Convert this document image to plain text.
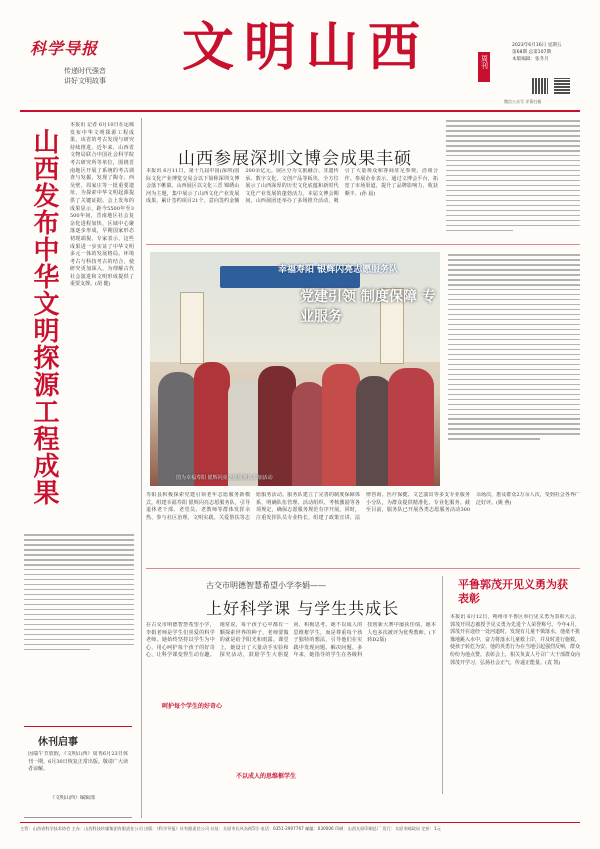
科学导报
传递时代强音
讲好文明故事
文明山西	周刊
2023年6月16日 星期五
第68期 总第107期
本版编辑：张冬月
微信公众号 详情扫描
山西发布中华文明探源工程成果
本报讯 记者 6月10日在运城发布中华文明探源工程成果，该省的考古发现与研究持续推进。近年来，山西省文物局联合中国社会科学院考古研究所等单位，围绕晋南地区开展了系统的考古调查与发掘，发现了陶寺、西吴壁、周家庄等一批重要遗址，为探索中华文明起源提供了关键证据。会上发布的成果显示，距今5500年至3500年间，晋南地区社会复杂化进程加快，区域中心聚落逐步形成，早期国家形态初现端倪。专家表示，这些成果进一步实证了中华文明多元一体的发展格局。环境考古与科技考古的结合，使研究更加深入，为理解古代社会演进和文明形成提供了重要支撑。(胡 健)
休刊启事
因端午节放假，《文明山西》周刊6月23日休刊一期，6月30日恢复正常出版。敬请广大读者谅解。
《文明山西》编辑部
山西参展深圳文博会成果丰硕
本报讯 6月11日，第十九届中国(深圳)国际文化产业博览交易会以下简称深圳文博会落下帷幕。山西展区以文化三晋 锦绣山河为主题，集中展示了山西文化产业发展成果，累计签约项目21个，意向签约金额200余亿元。展区分为文旅融合、非遗传承、数字文化、文创产品等板块，全方位展示了山西深厚的历史文化底蕴和新时代文化产业发展的蓬勃活力。本届文博会期间，山西展团还举办了多场推介活动，吸引了大量观众和客商驻足参观、洽谈合作。参展企业表示，通过文博会平台，拓宽了市场渠道，提升了品牌影响力，收获颇丰。(孙 晨)
幸福寿阳 银辉闪亮志愿服务队
党建引领 制度保障 专业服务
图为幸福寿阳 银辉闪亮志愿服务队参加活动
寿阳县积极探索党建引领老年志愿服务新模式，组建幸福寿阳 银辉闪亮志愿服务队，引导退休老干部、老党员、老教师等群体发挥余热，参与社区治理、文明实践、关爱帮扶等志愿服务活动。服务队建立了完善的制度保障体系，明确队伍管理、活动组织、考核激励等各项规定，确保志愿服务规范有序开展。同时，注重发挥队员专业特长，组建了政策宣讲、法律咨询、医疗保健、文艺演出等多支专业服务小分队，为群众提供精准化、专业化服务。截至目前，服务队已开展各类志愿服务活动300余场次，惠及群众2万余人次，受到社会各界广泛好评。(姚 燕)
古交市明德智慧希望小学李娟——
上好科学课 与学生共成长
在古交市明德智慧希望小学，李娟老师是学生们喜爱的科学老师。她始终坚持以学生为中心，用心呵护每个孩子的好奇心，让科学课变得生动有趣。她常说，每个孩子心中都有一颗探索世界的种子，老师要做的就是给予阳光和雨露。课堂上，她设计了大量动手实验和探究活动，鼓励学生大胆提问、积极思考。她不以成人的思维框学生，而是尊重每个孩子独特的想法，引导他们在实践中发现问题、解决问题。多年来，她指导的学生在各级科技创新大赛中屡获佳绩，她本人也多次被评为优秀教师。(下转D2版)
呵护每个学生的好奇心
不以成人的思维框学生
平鲁郭茂开见义勇为获表彰
本报讯 6月12日，朔州市平鲁区举行见义勇为表彰大会，郭茂开同志被授予见义勇为先进个人荣誉称号。今年4月，郭茂开在途经一处河道时，发现有儿童不慎落水，他毫不犹豫地跳入水中，奋力将落水儿童救上岸，并及时进行施救，使孩子转危为安。他的英勇行为在当地引起强烈反响，群众纷纷为他点赞。表彰会上，相关负责人号召广大干部群众向郭茂开学习，弘扬社会正气，传递正能量。(袁 凯)
主管：山西省科学技术协会 主办：山西科技传媒集团有限责任公司 出版：《科学导报》社有限责任公司 社址：太原市长风东街5号 电话：0351-2907767 邮编：030006 印刷：山西太原印刷总厂 发行：太原市邮政局 定价：1元
